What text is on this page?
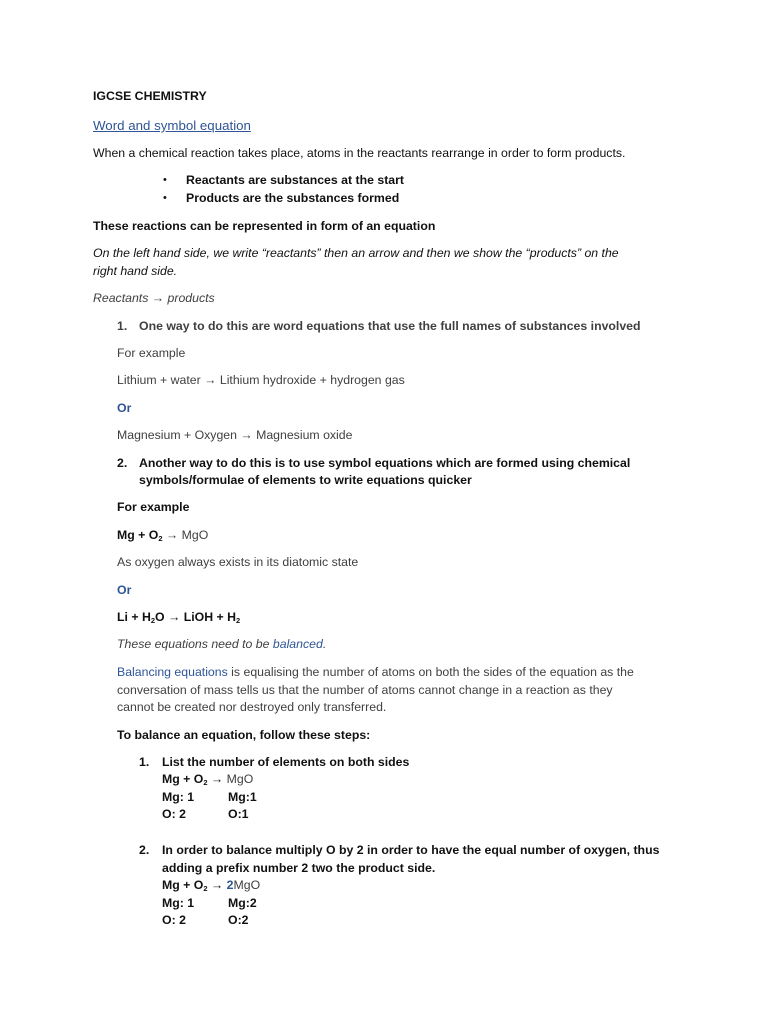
IGCSE CHEMISTRY
Word and symbol equation
When a chemical reaction takes place, atoms in the reactants rearrange in order to form products.
• Reactants are substances at the start
• Products are the substances formed
These reactions can be represented in form of an equation
On the left hand side, we write “reactants” then an arrow and then we show the “products” on the
right hand side.
Reactants → products
1. One way to do this are word equations that use the full names of substances involved
For example
Lithium + water → Lithium hydroxide + hydrogen gas
Or
Magnesium + Oxygen → Magnesium oxide
2. Another way to do this is to use symbol equations which are formed using chemical
symbols/formulae of elements to write equations quicker
For example
$Mg + O_2$ → MgO
As oxygen always exists in its diatomic state
Or
$Li + H_2O$ → LiOH + $H_2$
These equations need to be balanced.
Balancing equations is equalising the number of atoms on both the sides of the equation as the
conversation of mass tells us that the number of atoms cannot change in a reaction as they
cannot be created nor destroyed only transferred.
To balance an equation, follow these steps:
1. List the number of elements on both sides
$Mg + O_2$ → MgO
Mg: 1	Mg:1
O: 2	O:1
2. In order to balance multiply O by 2 in order to have the equal number of oxygen, thus
adding a prefix number 2 two the product side.
$Mg + O_2 \to 2MgO$
Mg: 1	Mg:2
O: 2	O:2
